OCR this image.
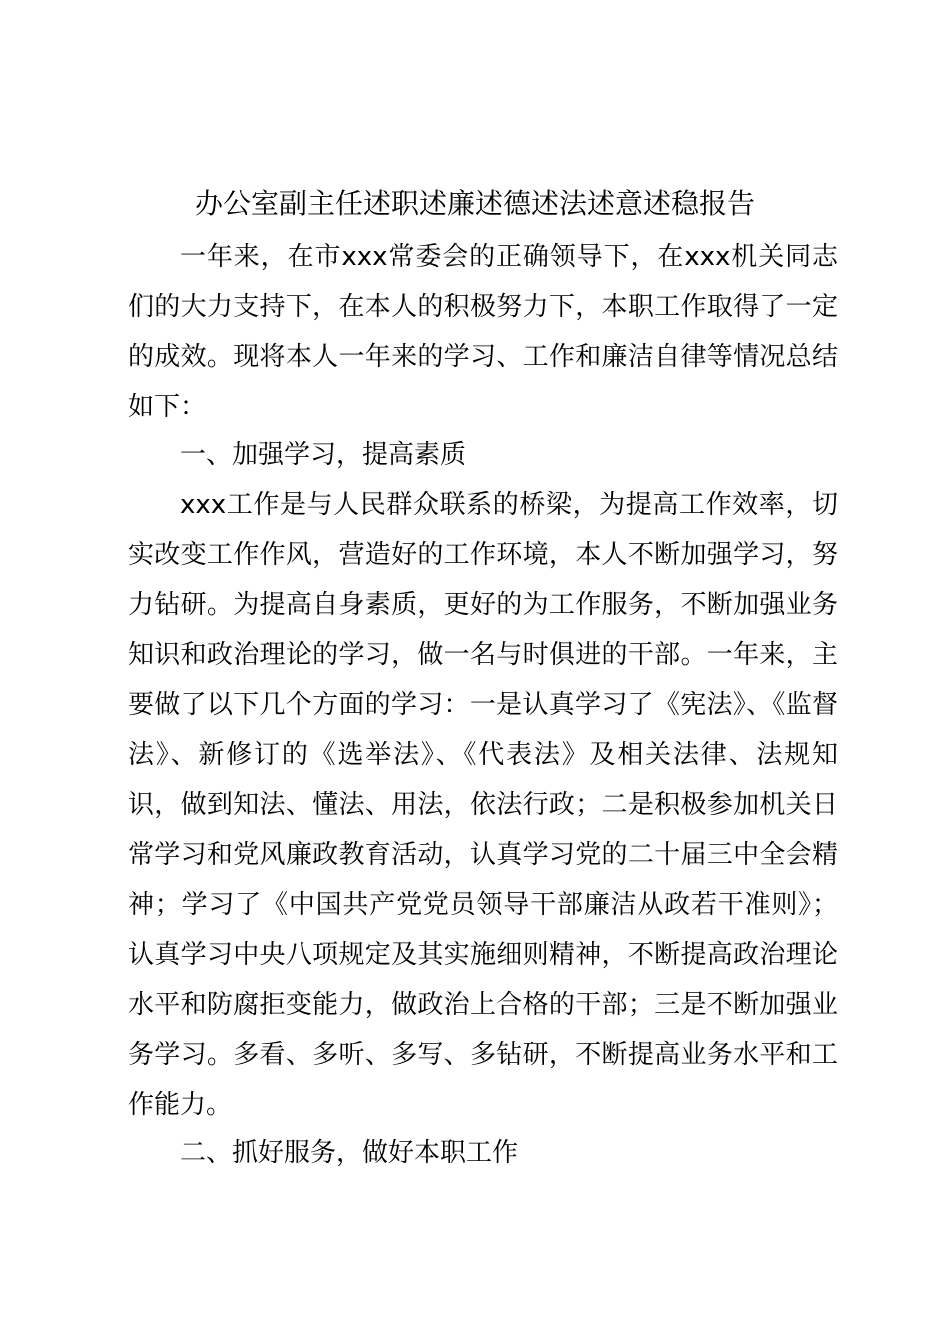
办公室副主任述职述廉述德述法述意述稳报告

一年来，在市xxx常委会的正确领导下，在xxx机关同志们的大力支持下，在本人的积极努力下，本职工作取得了一定的成效。现将本人一年来的学习、工作和廉洁自律等情况总结如下：

一、加强学习，提高素质

xxx工作是与人民群众联系的桥梁，为提高工作效率，切实改变工作作风，营造好的工作环境，本人不断加强学习，努力钻研。为提高自身素质，更好的为工作服务，不断加强业务知识和政治理论的学习，做一名与时俱进的干部。一年来，主要做了以下几个方面的学习：一是认真学习了《宪法》、《监督法》、新修订的《选举法》、《代表法》及相关法律、法规知识，做到知法、懂法、用法，依法行政；二是积极参加机关日常学习和党风廉政教育活动，认真学习党的二十届三中全会精神；学习了《中国共产党党员领导干部廉洁从政若干准则》；认真学习中央八项规定及其实施细则精神，不断提高政治理论水平和防腐拒变能力，做政治上合格的干部；三是不断加强业务学习。多看、多听、多写、多钻研，不断提高业务水平和工作能力。

二、抓好服务，做好本职工作
